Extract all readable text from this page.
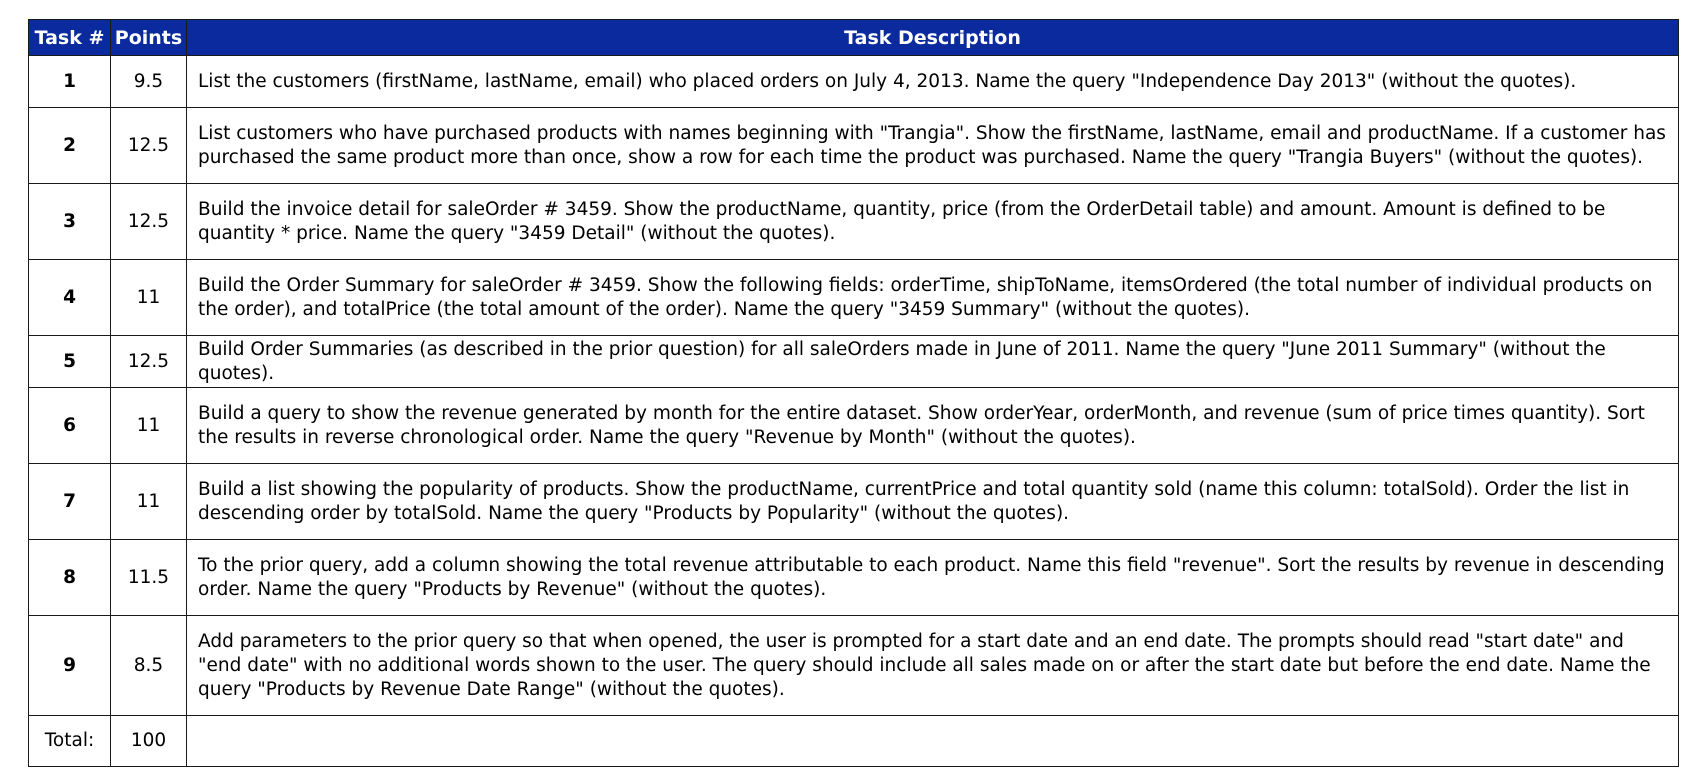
Task #	Points	Task Description
1	9.5	List the customers (firstName, lastName, email) who placed orders on July 4, 2013. Name the query "Independence Day 2013" (without the quotes).
2	12.5	List customers who have purchased products with names beginning with "Trangia". Show the firstName, lastName, email and productName. If a customer has purchased the same product more than once, show a row for each time the product was purchased. Name the query "Trangia Buyers" (without the quotes).
3	12.5	Build the invoice detail for saleOrder # 3459. Show the productName, quantity, price (from the OrderDetail table) and amount. Amount is defined to be quantity * price. Name the query "3459 Detail" (without the quotes).
4	11	Build the Order Summary for saleOrder # 3459. Show the following fields: orderTime, shipToName, itemsOrdered (the total number of individual products on the order), and totalPrice (the total amount of the order). Name the query "3459 Summary" (without the quotes).
5	12.5	Build Order Summaries (as described in the prior question) for all saleOrders made in June of 2011. Name the query "June 2011 Summary" (without the quotes).
6	11	Build a query to show the revenue generated by month for the entire dataset. Show orderYear, orderMonth, and revenue (sum of price times quantity). Sort the results in reverse chronological order. Name the query "Revenue by Month" (without the quotes).
7	11	Build a list showing the popularity of products. Show the productName, currentPrice and total quantity sold (name this column: totalSold). Order the list in descending order by totalSold. Name the query "Products by Popularity" (without the quotes).
8	11.5	To the prior query, add a column showing the total revenue attributable to each product. Name this field "revenue". Sort the results by revenue in descending order. Name the query "Products by Revenue" (without the quotes).
9	8.5	Add parameters to the prior query so that when opened, the user is prompted for a start date and an end date. The prompts should read "start date" and "end date" with no additional words shown to the user. The query should include all sales made on or after the start date but before the end date. Name the query "Products by Revenue Date Range" (without the quotes).
Total:	100	
